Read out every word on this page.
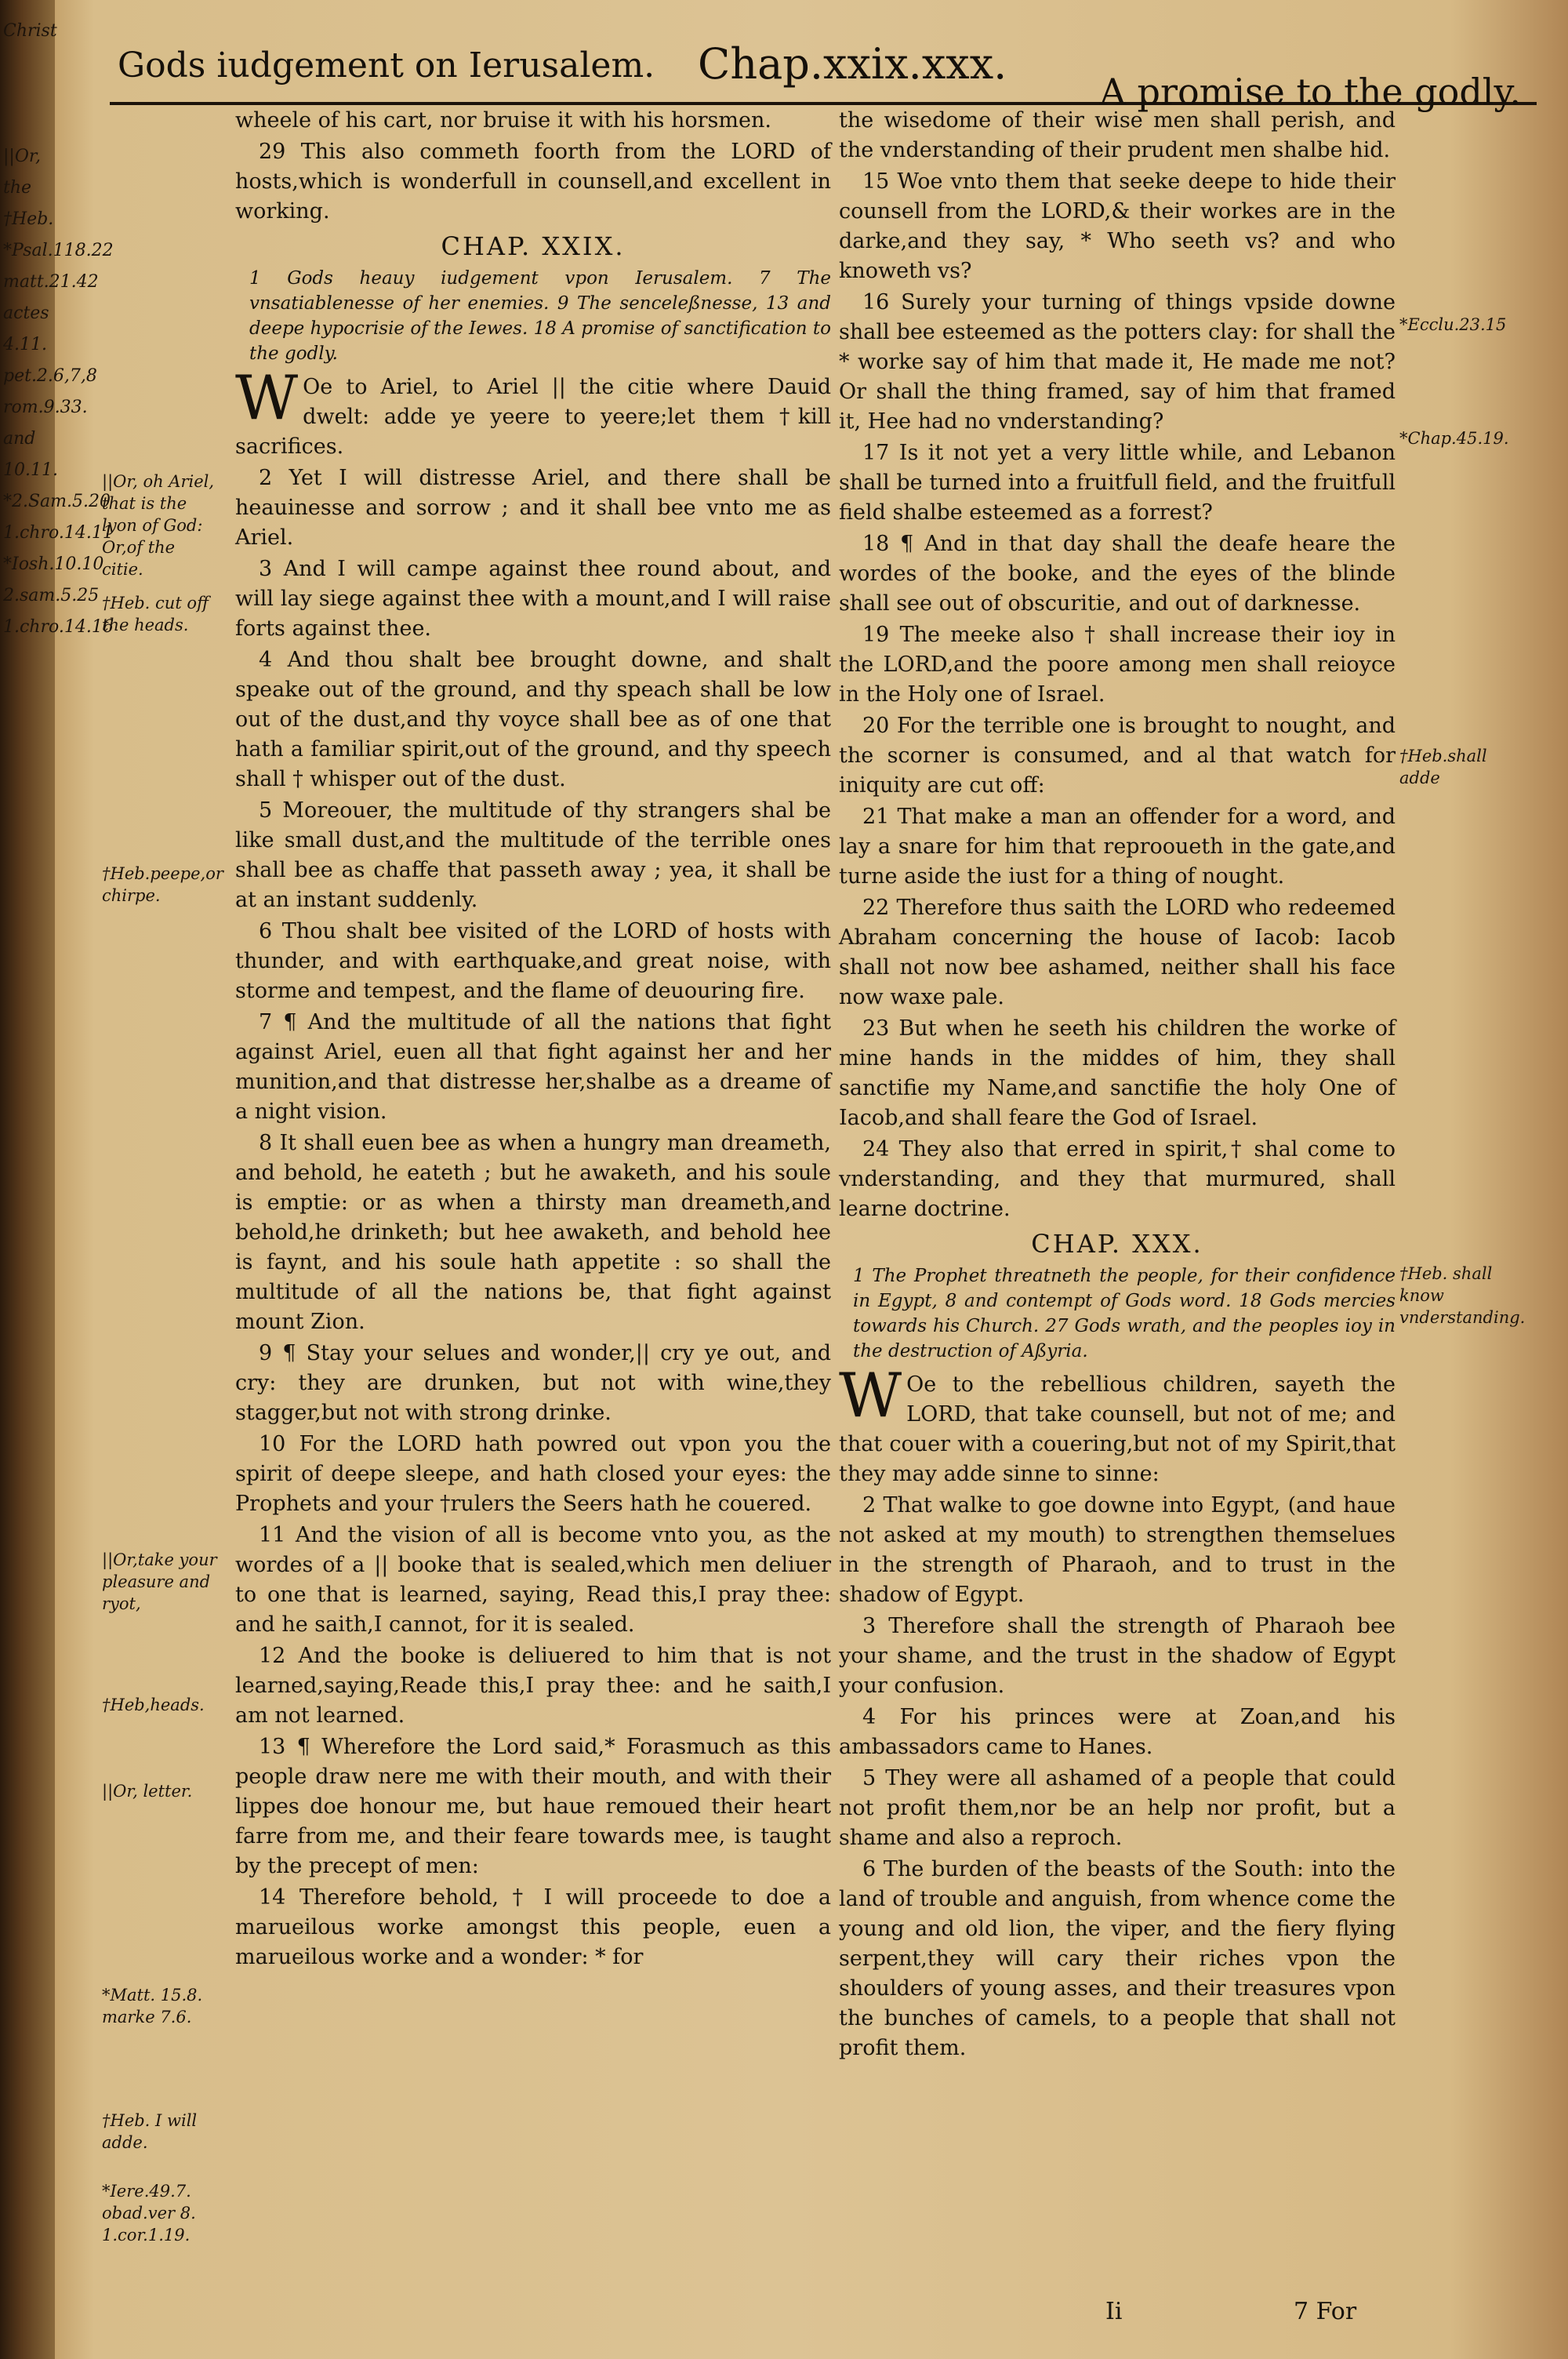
Christ
||Or, the
†Heb.
*Psal.118.22
matt.21.42
actes 4.11.
pet.2.6,7,8
rom.9.33.
and 10.11.
*2.Sam.5.20
1.chro.14.11
*Iosh.10.10
2.sam.5.25
1.chro.14.16
Gods iudgement on Ierusalem. Chap.xxix.xxx.
A promise to the godly.
||Or, oh Ariel, that is the lyon of God: Or,of the citie.
†Heb. cut off the heads.
†Heb.peepe,or chirpe.
||Or,take your pleasure and ryot,
†Heb,heads.
||Or, letter.
*Matt. 15.8. marke 7.6.
†Heb. I will adde.
*Iere.49.7. obad.ver 8. 1.cor.1.19.

wheele of his cart, nor bruise it with his horsmen.

29 This also commeth foorth from the LORD of hosts,which is wonderfull in counsell,and excellent in working.

CHAP. XXIX.
1 Gods heauy iudgement vpon Ierusalem. 7 The vnsatiablenesse of her enemies. 9 The senceleßnesse, 13 and deepe hypocrisie of the Iewes. 18 A promise of sanctification to the godly.

WOe to Ariel, to Ariel || the citie where Dauid dwelt: adde ye yeere to yeere;let them †kill sacrifices.

2 Yet I will distresse Ariel, and there shall be heauinesse and sorrow ; and it shall bee vnto me as Ariel.

3 And I will campe against thee round about, and will lay siege against thee with a mount,and I will raise forts against thee.

4 And thou shalt bee brought downe, and shalt speake out of the ground, and thy speach shall be low out of the dust,and thy voyce shall bee as of one that hath a familiar spirit,out of the ground, and thy speech shall † whisper out of the dust.

5 Moreouer, the multitude of thy strangers shal be like small dust,and the multitude of the terrible ones shall bee as chaffe that passeth away ; yea, it shall be at an instant suddenly.

6 Thou shalt bee visited of the LORD of hosts with thunder, and with earthquake,and great noise, with storme and tempest, and the flame of deuouring fire.

7 ¶ And the multitude of all the nations that fight against Ariel, euen all that fight against her and her munition,and that distresse her,shalbe as a dreame of a night vision.

8 It shall euen bee as when a hungry man dreameth, and behold, he eateth ; but he awaketh, and his soule is emptie: or as when a thirsty man dreameth,and behold,he drinketh; but hee awaketh, and behold hee is faynt, and his soule hath appetite : so shall the multitude of all the nations be, that fight against mount Zion.

9 ¶ Stay your selues and wonder,|| cry ye out, and cry: they are drunken, but not with wine,they stagger,but not with strong drinke.

10 For the LORD hath powred out vpon you the spirit of deepe sleepe, and hath closed your eyes: the Prophets and your †rulers the Seers hath he couered.

11 And the vision of all is become vnto you, as the wordes of a || booke that is sealed,which men deliuer to one that is learned, saying, Read this,I pray thee: and he saith,I cannot, for it is sealed.

12 And the booke is deliuered to him that is not learned,saying,Reade this,I pray thee: and he saith,I am not learned.

13 ¶ Wherefore the Lord said,* Forasmuch as this people draw nere me with their mouth, and with their lippes doe honour me, but haue remoued their heart farre from me, and their feare towards mee, is taught by the precept of men:

14 Therefore behold, † I will proceede to doe a marueilous worke amongst this people, euen a marueilous worke and a wonder: * for

the wisedome of their wise men shall perish, and the vnderstanding of their prudent men shalbe hid.

15 Woe vnto them that seeke deepe to hide their counsell from the LORD,& their workes are in the darke,and they say, * Who seeth vs? and who knoweth vs?

16 Surely your turning of things vpside downe shall bee esteemed as the potters clay: for shall the * worke say of him that made it, He made me not? Or shall the thing framed, say of him that framed it, Hee had no vnderstanding?

17 Is it not yet a very little while, and Lebanon shall be turned into a fruitfull field, and the fruitfull field shalbe esteemed as a forrest?

18 ¶ And in that day shall the deafe heare the wordes of the booke, and the eyes of the blinde shall see out of obscuritie, and out of darknesse.

19 The meeke also † shall increase their ioy in the LORD,and the poore among men shall reioyce in the Holy one of Israel.

20 For the terrible one is brought to nought, and the scorner is consumed, and al that watch for iniquity are cut off:

21 That make a man an offender for a word, and lay a snare for him that reprooueth in the gate,and turne aside the iust for a thing of nought.

22 Therefore thus saith the LORD who redeemed Abraham concerning the house of Iacob: Iacob shall not now bee ashamed, neither shall his face now waxe pale.

23 But when he seeth his children the worke of mine hands in the middes of him, they shall sanctifie my Name,and sanctifie the holy One of Iacob,and shall feare the God of Israel.

24 They also that erred in spirit,† shal come to vnderstanding, and they that murmured, shall learne doctrine.

CHAP. XXX.
1 The Prophet threatneth the people, for their confidence in Egypt, 8 and contempt of Gods word. 18 Gods mercies towards his Church. 27 Gods wrath, and the peoples ioy in the destruction of Aßyria.

WOe to the rebellious children, sayeth the LORD, that take counsell, but not of me; and that couer with a couering,but not of my Spirit,that they may adde sinne to sinne:

2 That walke to goe downe into Egypt, (and haue not asked at my mouth) to strengthen themselues in the strength of Pharaoh, and to trust in the shadow of Egypt.

3 Therefore shall the strength of Pharaoh bee your shame, and the trust in the shadow of Egypt your confusion.

4 For his princes were at Zoan,and his ambassadors came to Hanes.

5 They were all ashamed of a people that could not profit them,nor be an help nor profit, but a shame and also a reproch.

6 The burden of the beasts of the South: into the land of trouble and anguish, from whence come the young and old lion, the viper, and the fiery flying serpent,they will cary their riches vpon the shoulders of young asses, and their treasures vpon the bunches of camels, to a people that shall not profit them.

*Ecclu.23.15
*Chap.45.19.
†Heb.shall adde
†Heb. shall know vnderstanding.
Ii	7 For
